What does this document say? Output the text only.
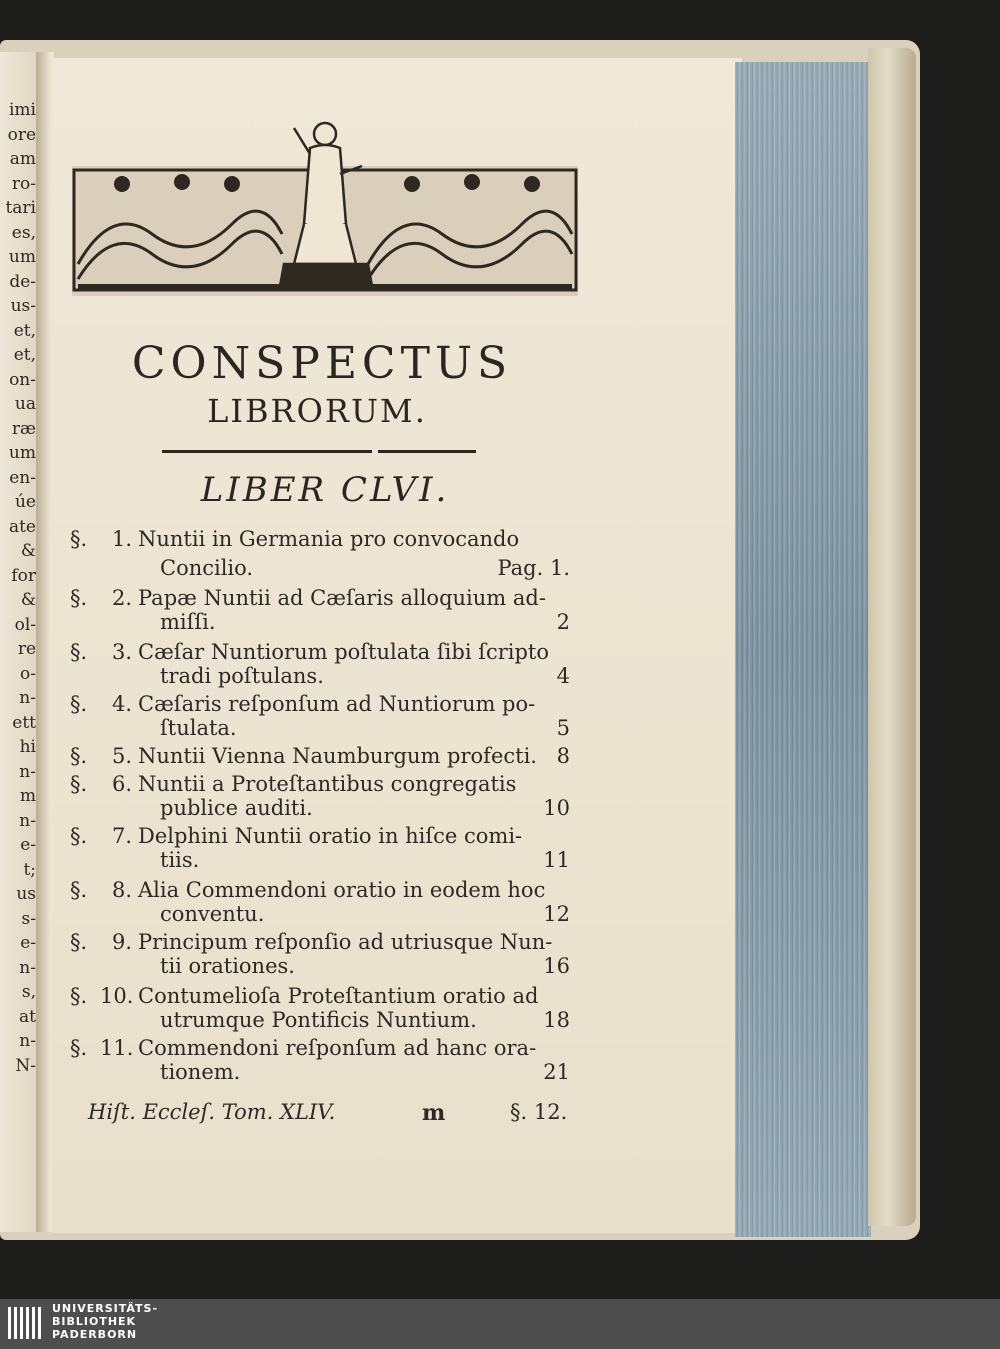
imi
ore
am
ro-
tari
es,
um
de-
us-
et,
et,
on-
ua
ræ
um
en-
úe
ate
&
for
&
ol-
re
o-
n-
ett
hi
n-
m
n-
e-
t;
us
s-
e-
n-
s,
at
n-
N-
CONSPECTUS
LIBRORUM.
LIBER CLVI.
§.	1. Nuntii in Germania pro convocando
Concilio.	Pag. 1.
§.	2. Papæ Nuntii ad Cæſaris alloquium ad-
miſſi.	2
§.	3. Cæſar Nuntiorum poſtulata ſibi ſcripto
tradi poſtulans.	4
§.	4. Cæſaris reſponſum ad Nuntiorum po-
ſtulata.	5
§.	5. Nuntii Vienna Naumburgum profecti. 8
§.	6. Nuntii a Proteſtantibus congregatis
publice auditi.	10
§.	7. Delphini Nuntii oratio in hiſce comi-
tiis.	11
§.	8. Alia Commendoni oratio in eodem hoc
conventu.	12
§.	9. Principum reſponſio ad utriusque Nun-
tii orationes.	16
§. 10. Contumelioſa Proteſtantium oratio ad
utrumque Pontificis Nuntium.	18
§. 11. Commendoni reſponſum ad hanc ora-
tionem.	21
Hiſt. Eccleſ. Tom. XLIV.	m	§. 12.
UNIVERSITÄTS-
BIBLIOTHEK
PADERBORN
